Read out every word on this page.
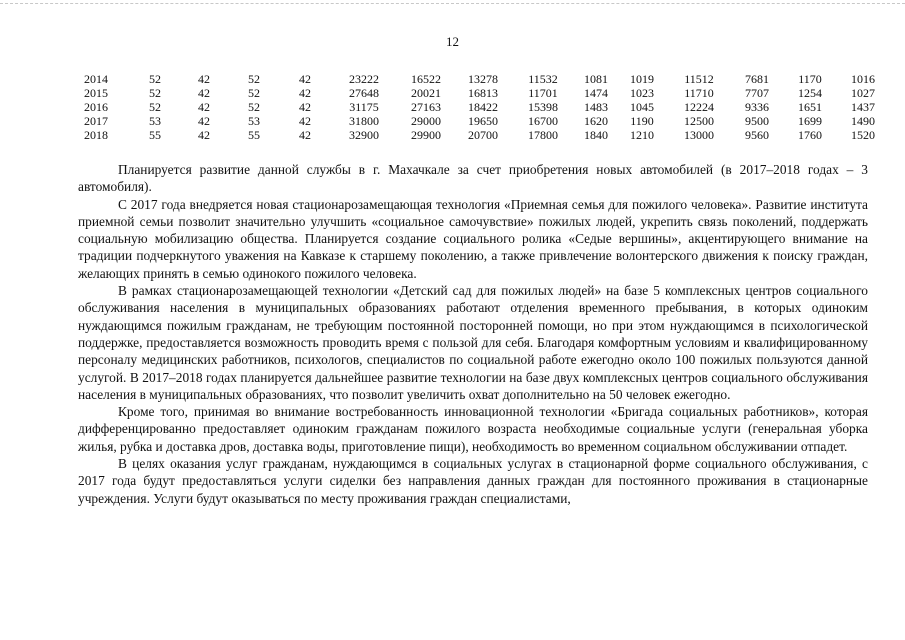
12
2014	52	42	52	42	23222	16522	13278	11532	1081	1019	11512	7681	1170	1016
2015	52	42	52	42	27648	20021	16813	11701	1474	1023	11710	7707	1254	1027
2016	52	42	52	42	31175	27163	18422	15398	1483	1045	12224	9336	1651	1437
2017	53	42	53	42	31800	29000	19650	16700	1620	1190	12500	9500	1699	1490
2018	55	42	55	42	32900	29900	20700	17800	1840	1210	13000	9560	1760	1520

Планируется развитие данной службы в г. Махачкале за счет приобретения новых автомобилей (в 2017–2018 годах – 3 автомобиля).

С 2017 года внедряется новая стационарозамещающая технология «Приемная семья для пожилого человека». Развитие института приемной семьи позволит значительно улучшить «социальное самочувствие» пожилых людей, укрепить связь поколений, поддержать социальную мобилизацию общества. Планируется создание социального ролика «Седые вершины», акцентирующего внимание на традиции подчеркнутого уважения на Кавказе к старшему поколению, а также привлечение волонтерского движения к поиску граждан, желающих принять в семью одинокого пожилого человека.

В рамках стационарозамещающей технологии «Детский сад для пожилых людей» на базе 5 комплексных центров социального обслуживания населения в муниципальных образованиях работают отделения временного пребывания, в которых одиноким нуждающимся пожилым гражданам, не требующим постоянной посторонней помощи, но при этом нуждающимся в психологической поддержке, предоставляется возможность проводить время с пользой для себя. Благодаря комфортным условиям и квалифицированному персоналу медицинских работников, психологов, специалистов по социальной работе ежегодно около 100 пожилых пользуются данной услугой. В 2017–2018 годах планируется дальнейшее развитие технологии на базе двух комплексных центров социального обслуживания населения в муниципальных образованиях, что позволит увеличить охват дополнительно на 50 человек ежегодно.

Кроме того, принимая во внимание востребованность инновационной технологии «Бригада социальных работников», которая дифференцированно предоставляет одиноким гражданам пожилого возраста необходимые социальные услуги (генеральная уборка жилья, рубка и доставка дров, доставка воды, приготовление пищи), необходимость во временном социальном обслуживании отпадет.

В целях оказания услуг гражданам, нуждающимся в социальных услугах в стационарной форме социального обслуживания, с 2017 года будут предоставляться услуги сиделки без направления данных граждан для постоянного проживания в стационарные учреждения. Услуги будут оказываться по месту проживания граждан специалистами,
